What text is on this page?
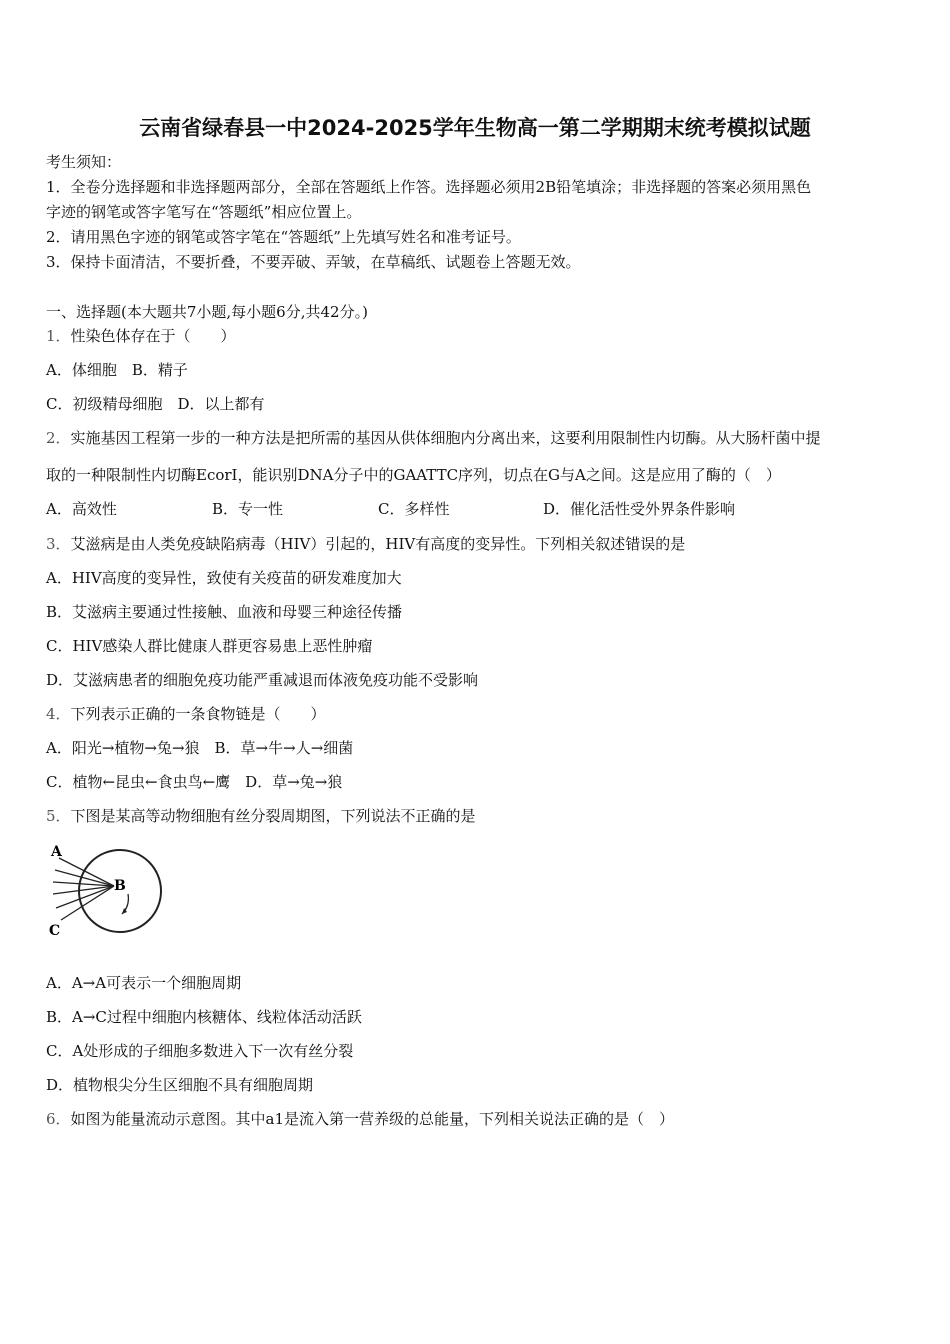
云南省绿春县一中2024-2025学年生物高一第二学期期末统考模拟试题
考生须知：
1．全卷分选择题和非选择题两部分，全部在答题纸上作答。选择题必须用2B铅笔填涂；非选择题的答案必须用黑色
字迹的钢笔或答字笔写在“答题纸”相应位置上。
2．请用黑色字迹的钢笔或答字笔在“答题纸”上先填写姓名和准考证号。
3．保持卡面清洁，不要折叠，不要弄破、弄皱，在草稿纸、试题卷上答题无效。
一、选择题(本大题共7小题,每小题6分,共42分。)
1．性染色体存在于（　　）
A．体细胞　B．精子
C．初级精母细胞　D．以上都有
2．实施基因工程第一步的一种方法是把所需的基因从供体细胞内分离出来，这要利用限制性内切酶。从大肠杆菌中提
取的一种限制性内切酶EcorI，能识别DNA分子中的GAATTC序列，切点在G与A之间。这是应用了酶的（　）
A．高效性	B．专一性	C．多样性	D．催化活性受外界条件影响
3．艾滋病是由人类免疫缺陷病毒（HIV）引起的，HIV有高度的变异性。下列相关叙述错误的是
A．HIV高度的变异性，致使有关疫苗的研发难度加大
B．艾滋病主要通过性接触、血液和母婴三种途径传播
C．HIV感染人群比健康人群更容易患上恶性肿瘤
D．艾滋病患者的细胞免疫功能严重减退而体液免疫功能不受影响
4．下列表示正确的一条食物链是（　　）
A．阳光→植物→兔→狼　B．草→牛→人→细菌
C．植物←昆虫←食虫鸟←鹰　D．草→兔→狼
5．下图是某高等动物细胞有丝分裂周期图，下列说法不正确的是
A
B
C
A．A→A可表示一个细胞周期
B．A→C过程中细胞内核糖体、线粒体活动活跃
C．A处形成的子细胞多数进入下一次有丝分裂
D．植物根尖分生区细胞不具有细胞周期
6．如图为能量流动示意图。其中a1是流入第一营养级的总能量，下列相关说法正确的是（　）
